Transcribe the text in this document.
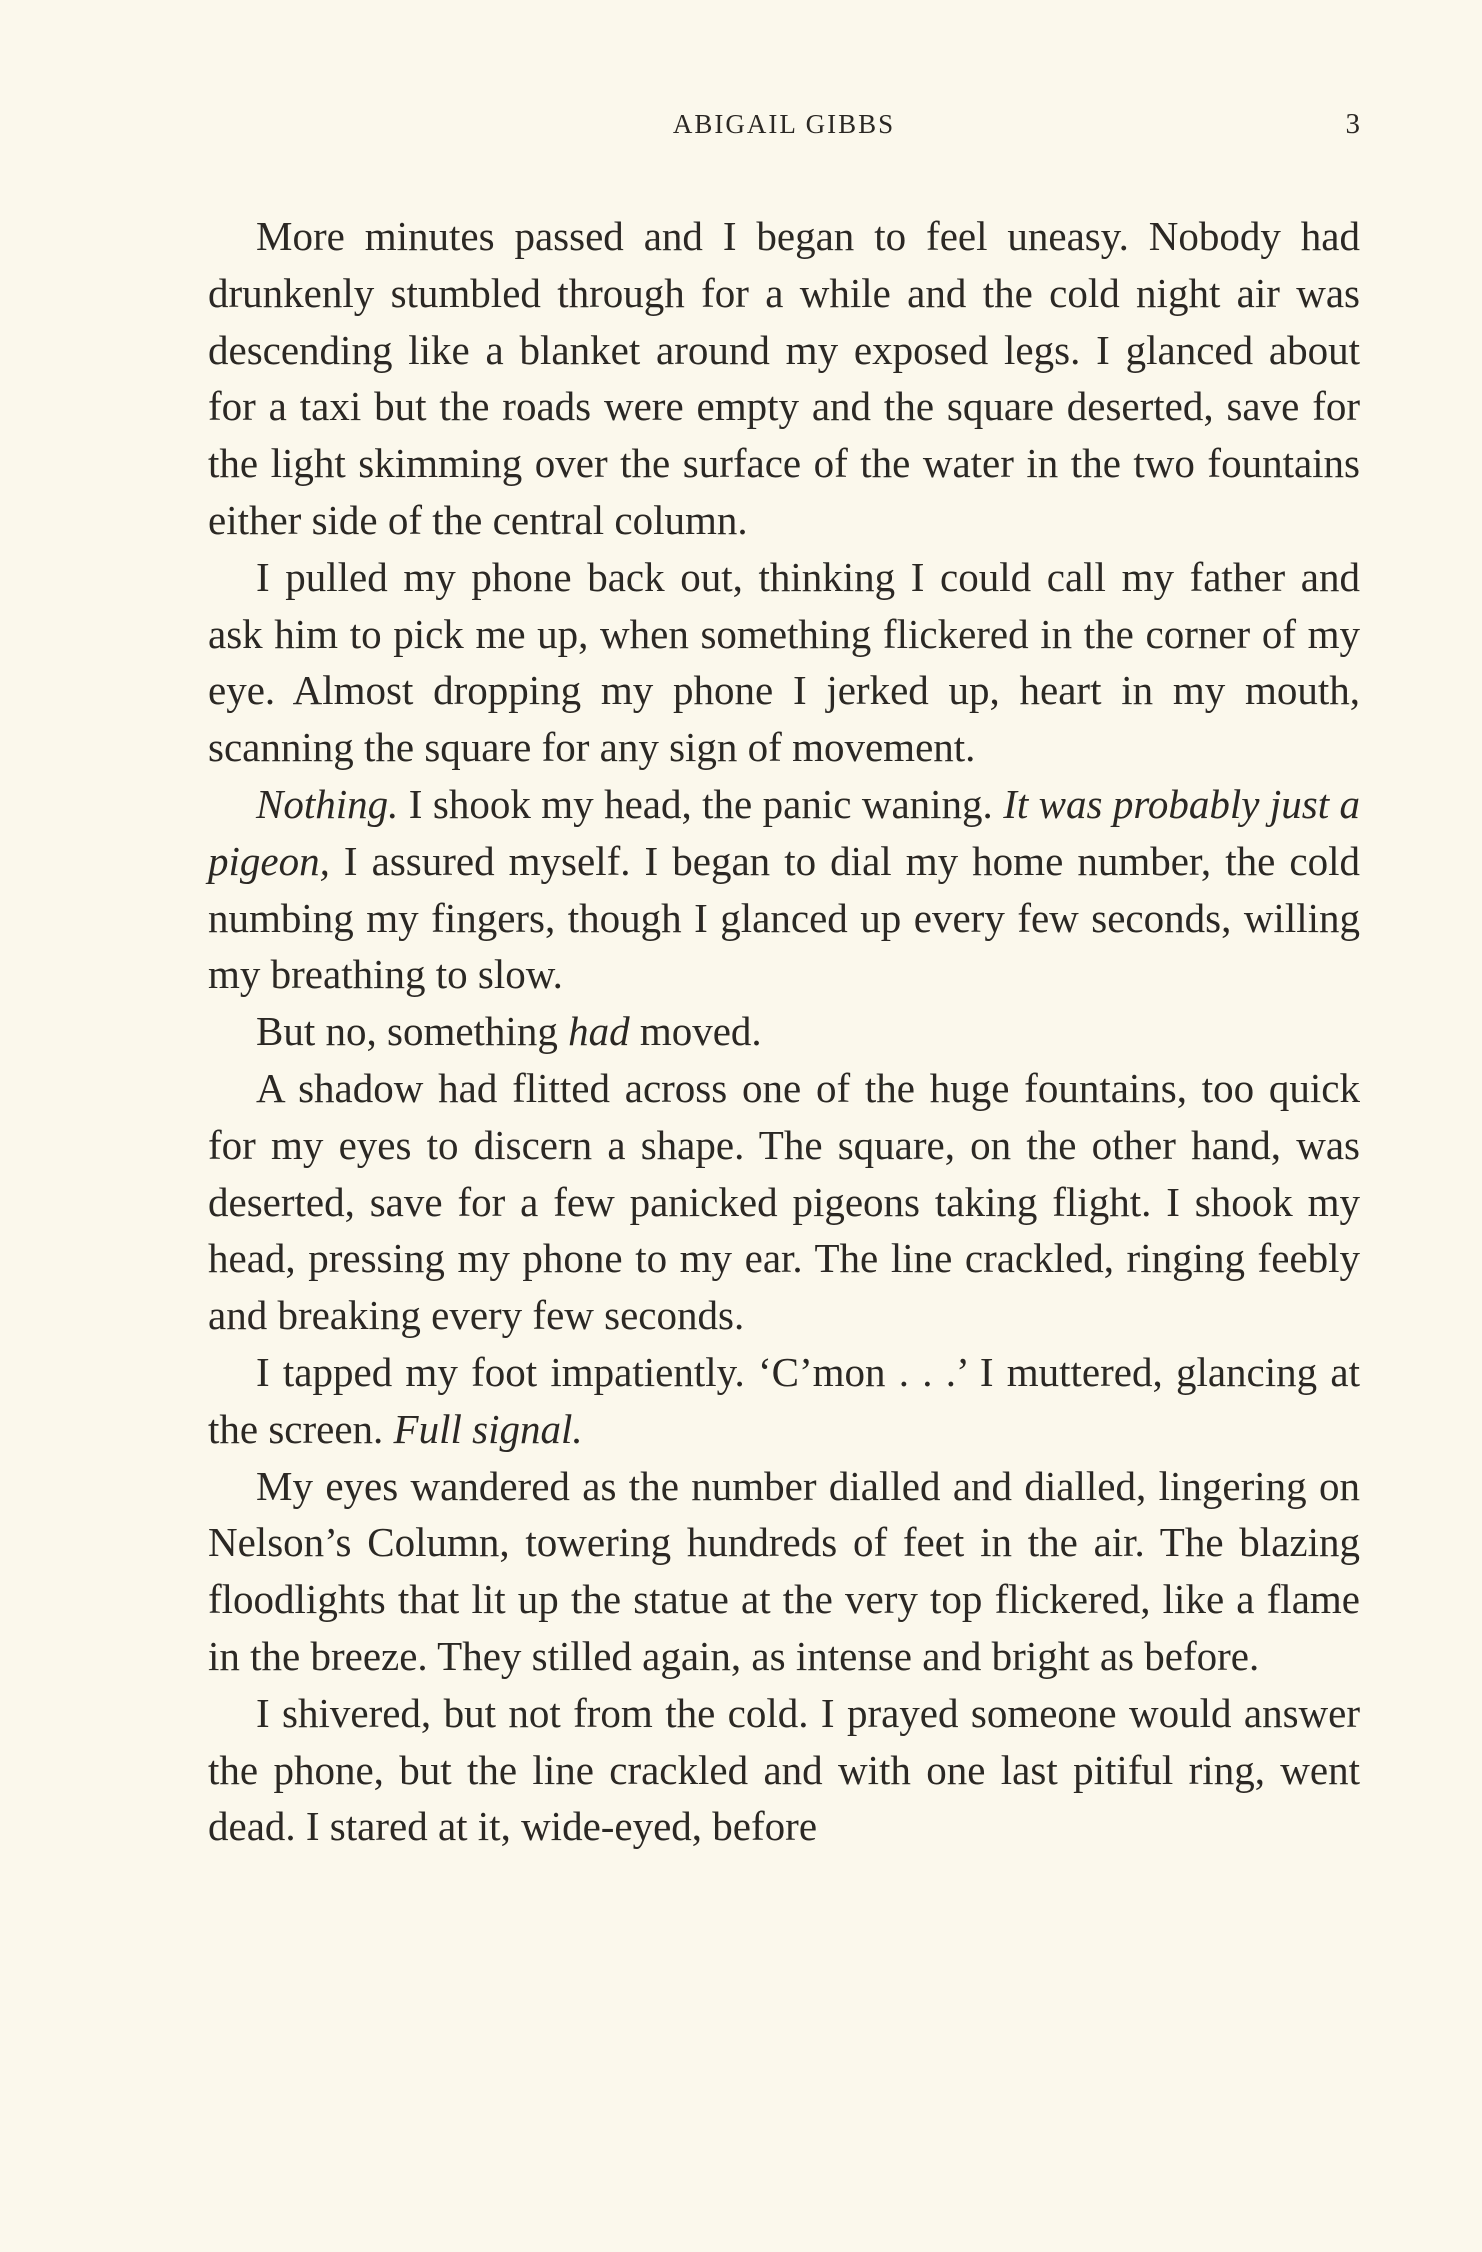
ABIGAIL GIBBS	3

More minutes passed and I began to feel uneasy. Nobody had drunkenly stumbled through for a while and the cold night air was descending like a blanket around my exposed legs. I glanced about for a taxi but the roads were empty and the square deserted, save for the light skimming over the surface of the water in the two fountains either side of the central column.

I pulled my phone back out, thinking I could call my father and ask him to pick me up, when something flickered in the corner of my eye. Almost dropping my phone I jerked up, heart in my mouth, scanning the square for any sign of movement.

Nothing. I shook my head, the panic waning. It was probably just a pigeon, I assured myself. I began to dial my home number, the cold numbing my fingers, though I glanced up every few seconds, willing my breathing to slow.

But no, something had moved.

A shadow had flitted across one of the huge fountains, too quick for my eyes to discern a shape. The square, on the other hand, was deserted, save for a few panicked pigeons taking flight. I shook my head, pressing my phone to my ear. The line crackled, ringing feebly and breaking every few seconds.

I tapped my foot impatiently. ‘C’mon . . .’ I muttered, glancing at the screen. Full signal.

My eyes wandered as the number dialled and dialled, lingering on Nelson’s Column, towering hundreds of feet in the air. The blazing floodlights that lit up the statue at the very top flickered, like a flame in the breeze. They stilled again, as intense and bright as before.

I shivered, but not from the cold. I prayed someone would answer the phone, but the line crackled and with one last pitiful ring, went dead. I stared at it, wide-eyed, before
